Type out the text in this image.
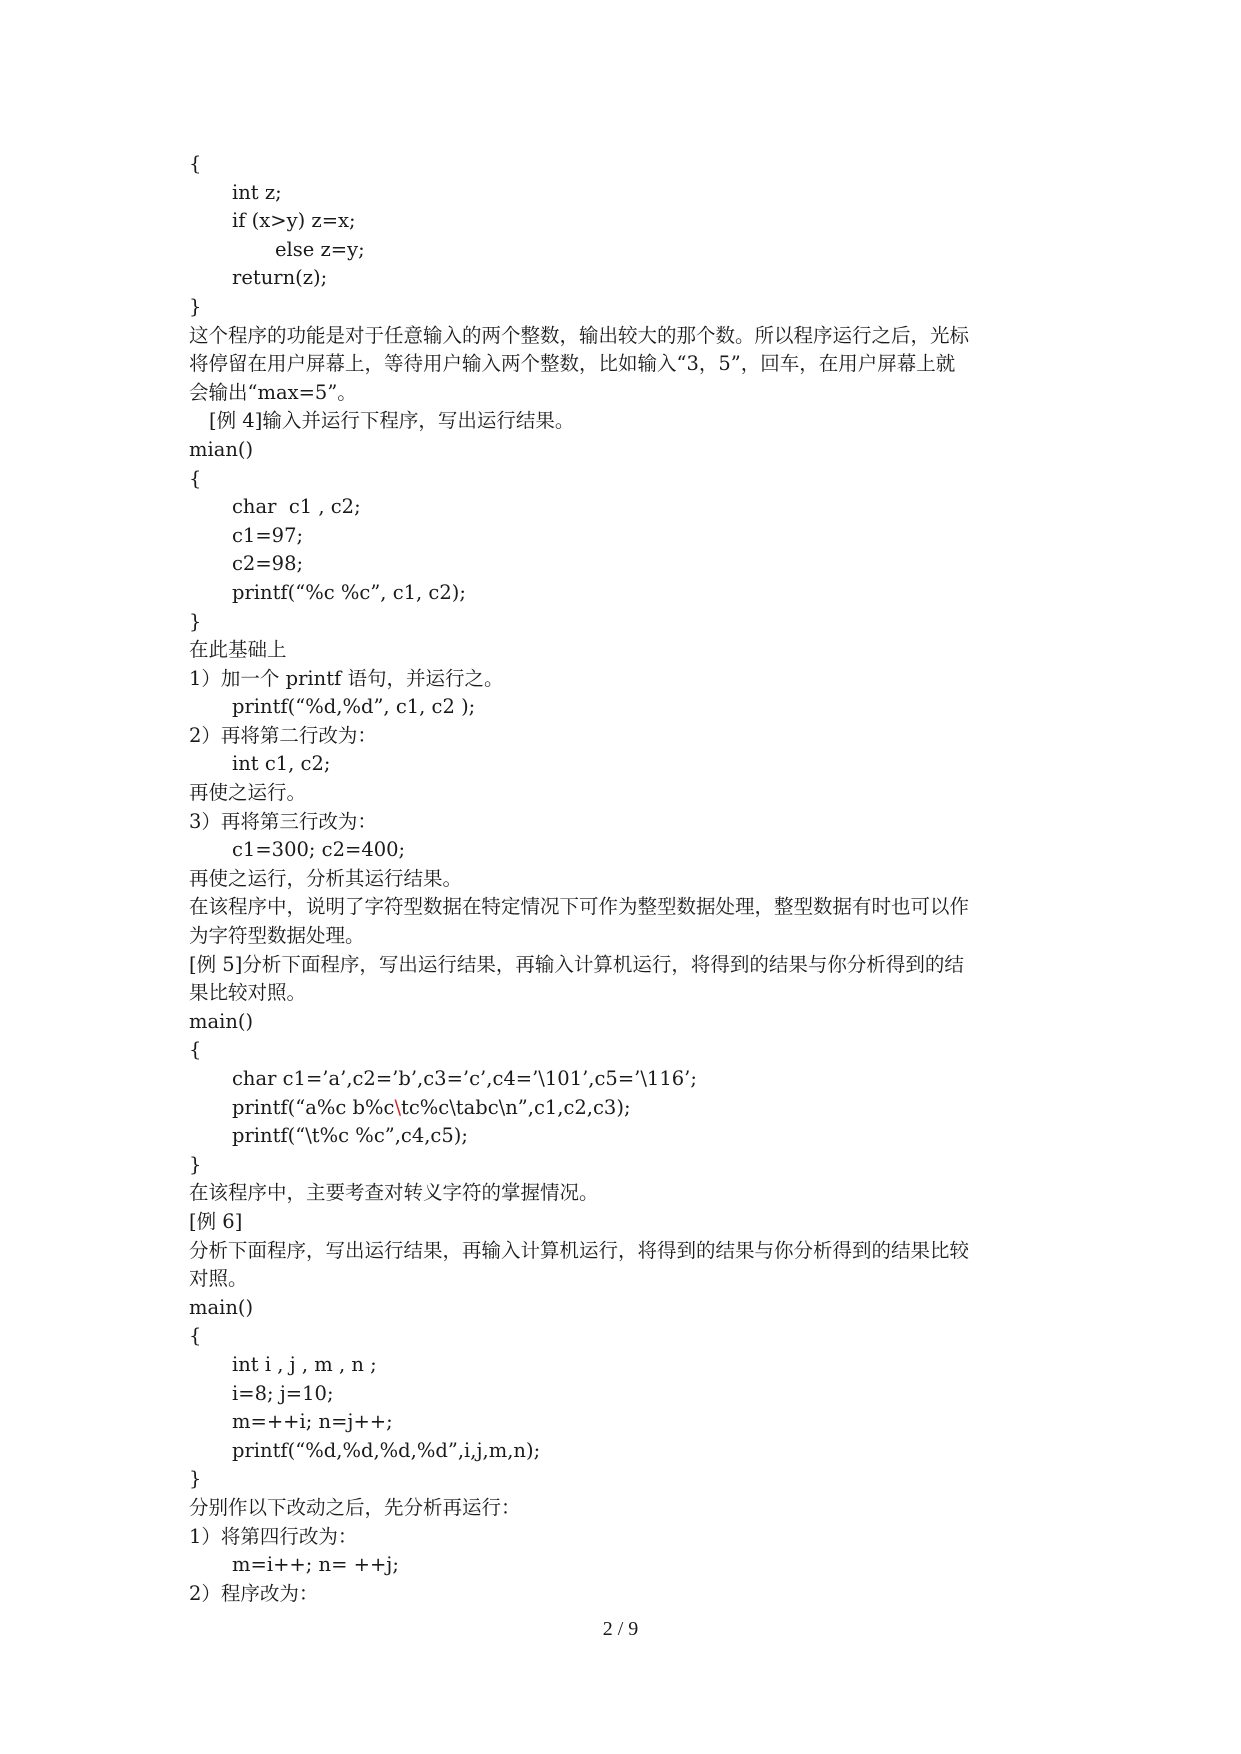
{
int z;
if (x>y) z=x;
else z=y;
return(z);
}
这个程序的功能是对于任意输入的两个整数，输出较大的那个数。所以程序运行之后，光标
将停留在用户屏幕上，等待用户输入两个整数，比如输入“3，5”，回车，在用户屏幕上就
会输出“max=5”。
[例 4]输入并运行下程序，写出运行结果。
mian()
{
char  c1 , c2;
c1=97;
c2=98;
printf(“%c %c”, c1, c2);
}
在此基础上
1）加一个 printf 语句，并运行之。
printf(“%d,%d”, c1, c2 );
2）再将第二行改为：
int c1, c2;
再使之运行。
3）再将第三行改为：
c1=300; c2=400;
再使之运行，分析其运行结果。
在该程序中，说明了字符型数据在特定情况下可作为整型数据处理，整型数据有时也可以作
为字符型数据处理。
[例 5]分析下面程序，写出运行结果，再输入计算机运行，将得到的结果与你分析得到的结
果比较对照。
main()
{
char c1=’a’,c2=’b’,c3=’c’,c4=’\101’,c5=’\116’;
printf(“a%c b%c\tc%c\tabc\n”,c1,c2,c3);
printf(“\t%c %c”,c4,c5);
}
在该程序中，主要考查对转义字符的掌握情况。
[例 6]
分析下面程序，写出运行结果，再输入计算机运行，将得到的结果与你分析得到的结果比较
对照。
main()
{
int i , j , m , n ;
i=8; j=10;
m=++i; n=j++;
printf(“%d,%d,%d,%d”,i,j,m,n);
}
分别作以下改动之后，先分析再运行：
1）将第四行改为：
m=i++; n= ++j;
2）程序改为：
2 / 9
